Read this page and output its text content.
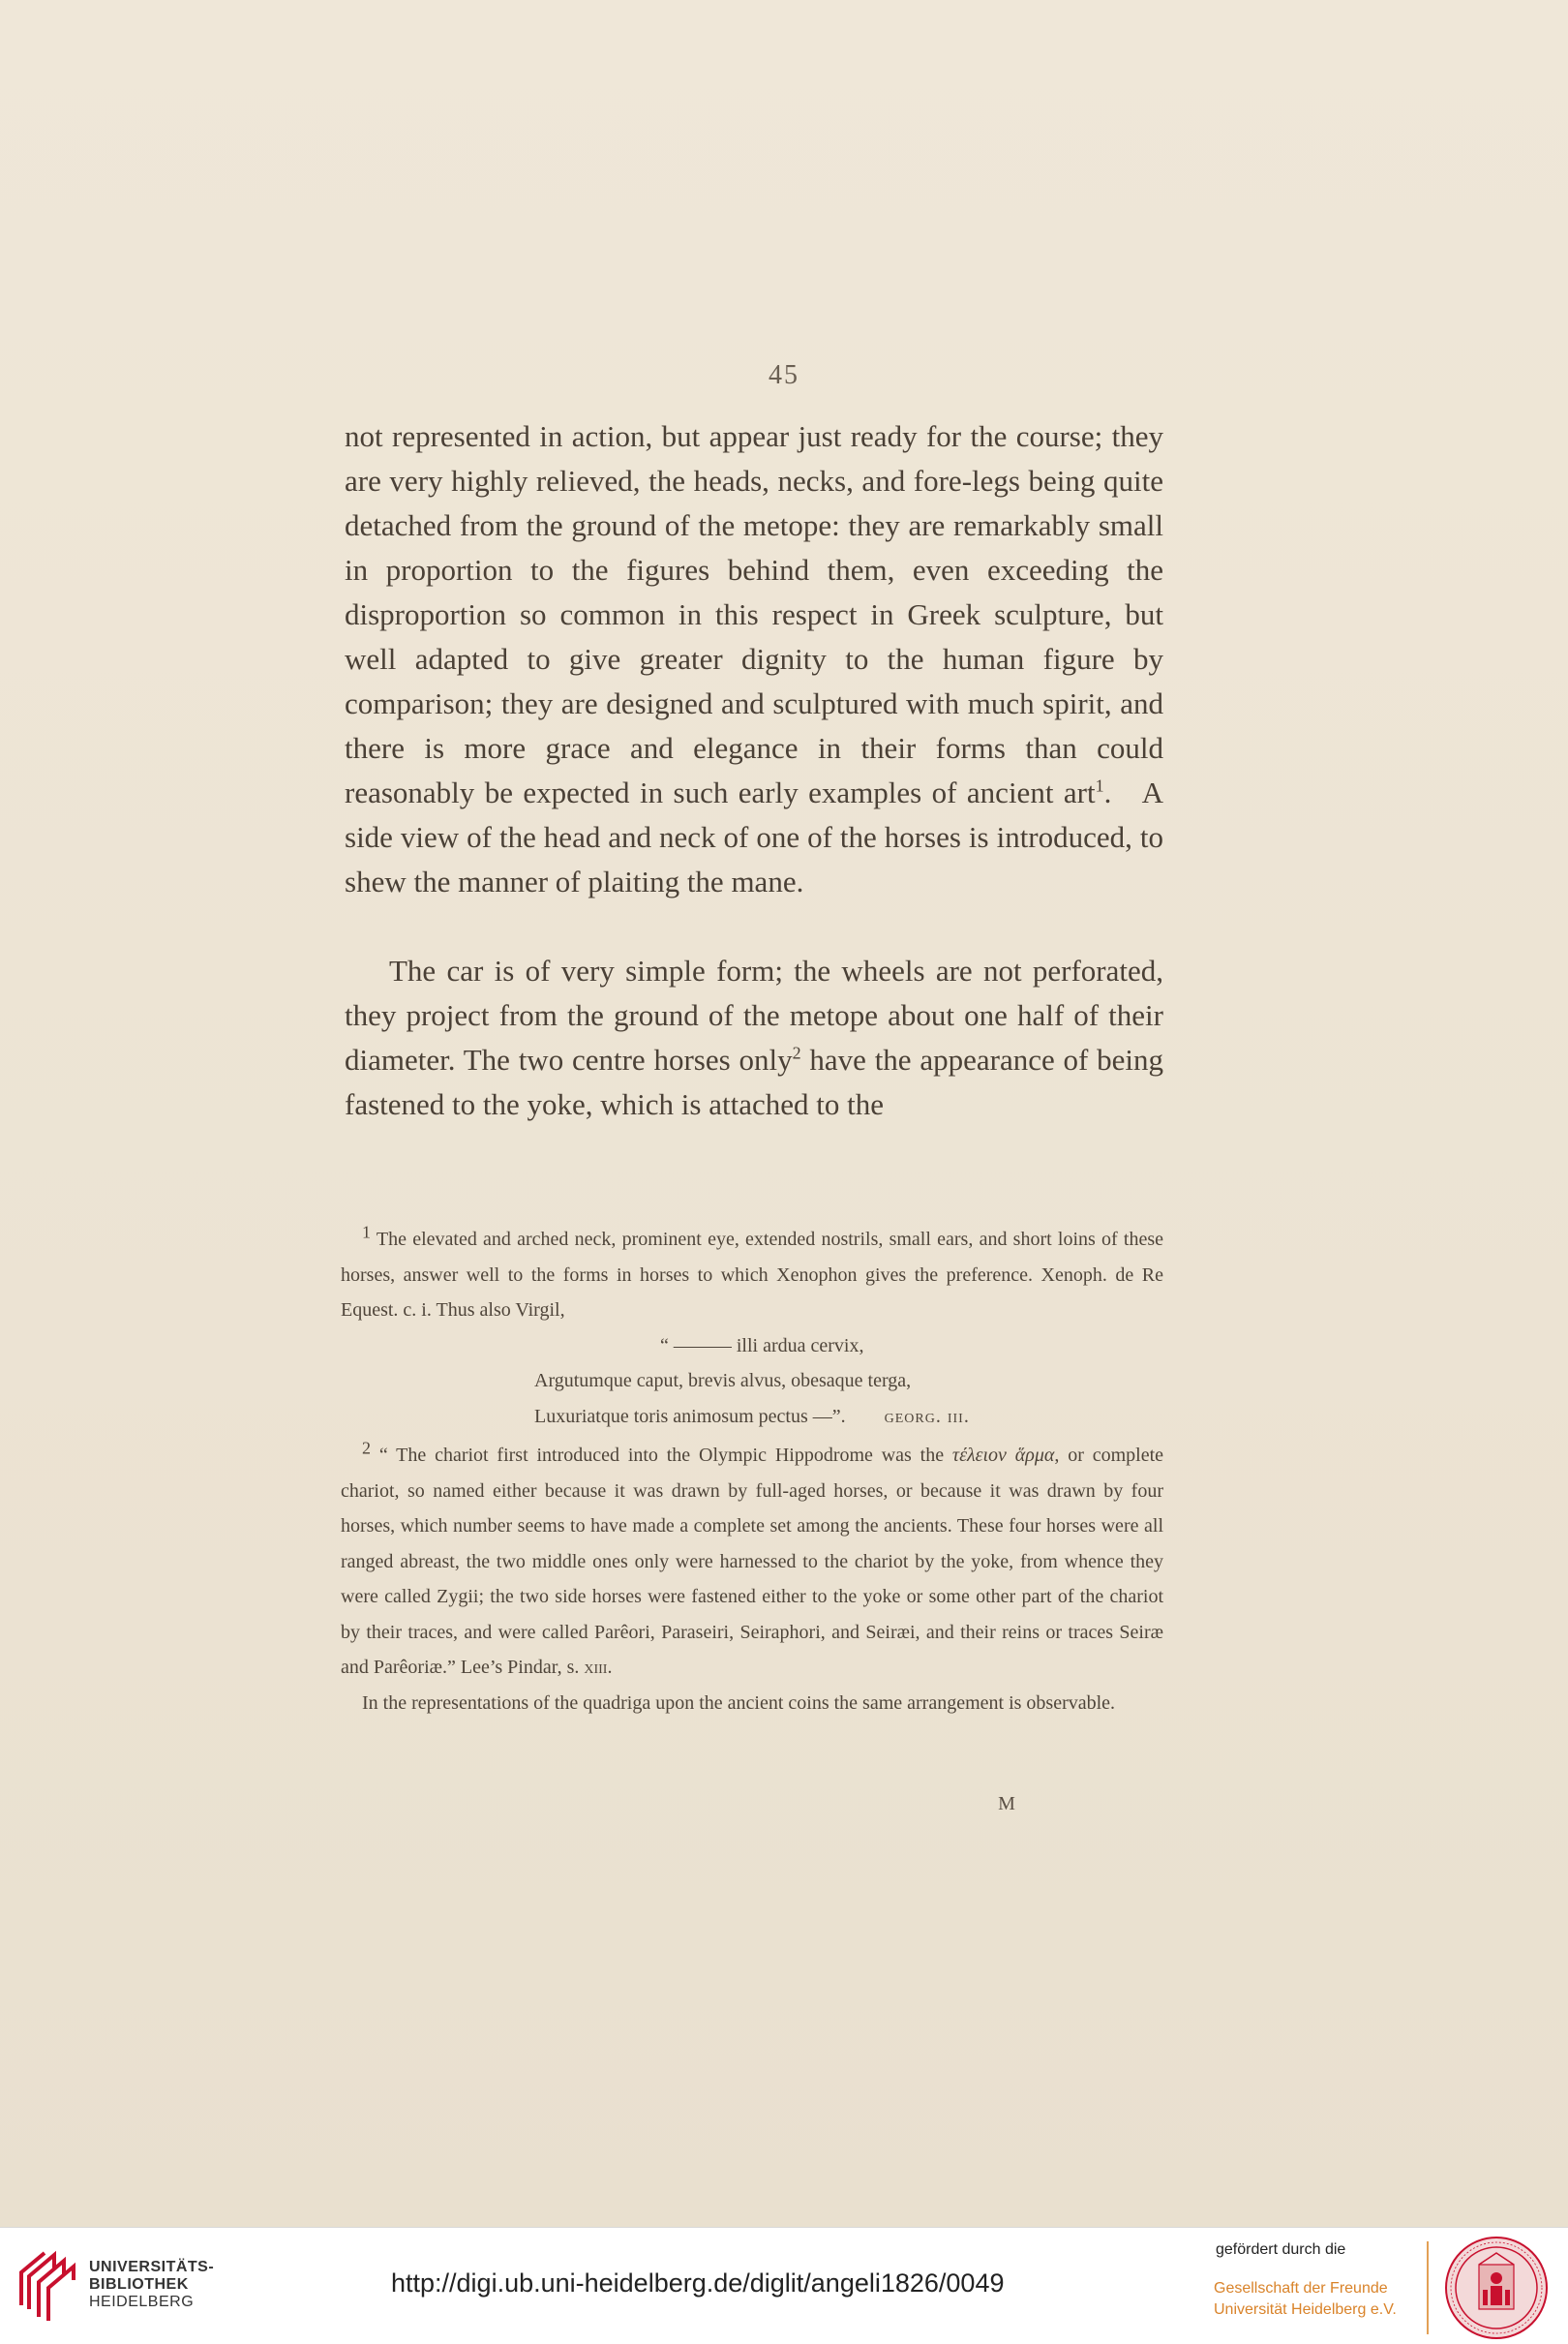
45

not represented in action, but appear just ready for the course; they are very highly relieved, the heads, necks, and fore-legs being quite detached from the ground of the metope: they are remarkably small in proportion to the figures behind them, even exceeding the disproportion so common in this respect in Greek sculpture, but well adapted to give greater dignity to the human figure by comparison; they are designed and sculptured with much spirit, and there is more grace and elegance in their forms than could reasonably be expected in such early examples of ancient art$^1$.   A side view of the head and neck of one of the horses is introduced, to shew the manner of plaiting the mane.

The car is of very simple form; the wheels are not perforated, they project from the ground of the metope about one half of their diameter. The two centre horses only$^2$ have the appearance of being fastened to the yoke, which is attached to the

$^1$ The elevated and arched neck, prominent eye, extended nostrils, small ears, and short loins of these horses, answer well to the forms in horses to which Xenophon gives the preference. Xenoph. de Re Equest. c. i. Thus also Virgil,

“ ——— illi ardua cervix,
Argutumque caput, brevis alvus, obesaque terga,
Luxuriatque toris animosum pectus —”. georg. iii.

$^2$ “ The chariot first introduced into the Olympic Hippodrome was the τέλειον ἅρμα, or complete chariot, so named either because it was drawn by full-aged horses, or because it was drawn by four horses, which number seems to have made a complete set among the ancients. These four horses were all ranged abreast, the two middle ones only were harnessed to the chariot by the yoke, from whence they were called Zygii; the two side horses were fastened either to the yoke or some other part of the chariot by their traces, and were called Parêori, Paraseiri, Seiraphori, and Seiræi, and their reins or traces Seiræ and Parêoriæ.” Lee’s Pindar, s. xiii.

In the representations of the quadriga upon the ancient coins the same arrangement is observable.

M
UNIVERSITÄTS-
BIBLIOTHEK
HEIDELBERG
http://digi.ub.uni-heidelberg.de/diglit/angeli1826/0049
gefördert durch die
Gesellschaft der Freunde
Universität Heidelberg e.V.
